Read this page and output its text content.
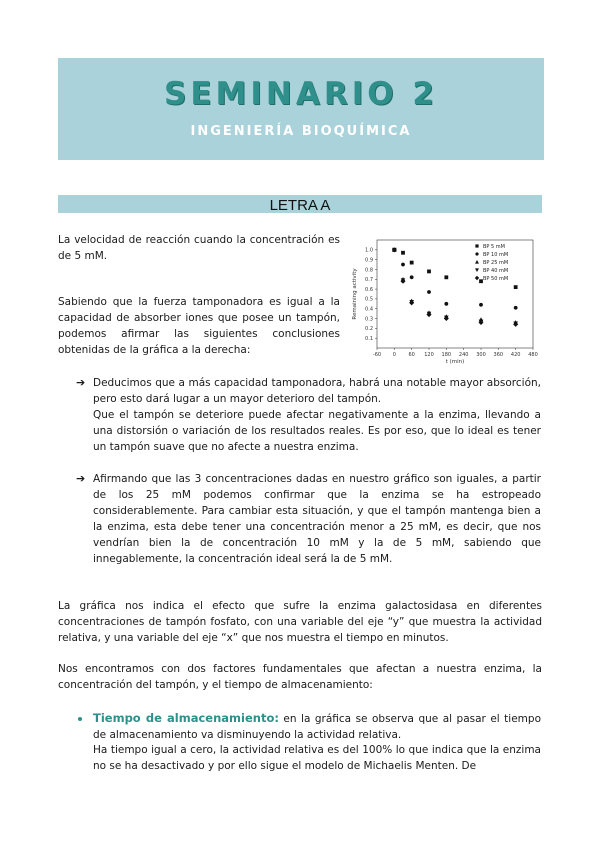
SEMINARIO 2
INGENIERÍA BIOQUÍMICA
LETRA A
La velocidad de reacción cuando la concentración es de 5 mM.
Sabiendo que la fuerza tamponadora es igual a la capacidad de absorber iones que posee un tampón, podemos afirmar las siguientes conclusiones obtenidas de la gráfica a la derecha:	-60 0	60 120 180 240 300 360 420 480
0.1
0.2
0.3
0.4
0.5
0.6
0.7
0.8
0.9
1.0
t (min)
Remaining activity
BP 5 mM
BP 10 mM
BP 25 mM
BP 40 mM
BP 50 mM
➔ Deducimos que a más capacidad tamponadora, habrá una notable mayor absorción, pero esto dará lugar a un mayor deterioro del tampón.
Que el tampón se deteriore puede afectar negativamente a la enzima, llevando a una distorsión o variación de los resultados reales. Es por eso, que lo ideal es tener un tampón suave que no afecte a nuestra enzima.
➔ Afirmando que las 3 concentraciones dadas en nuestro gráfico son iguales, a partir de los 25 mM podemos confirmar que la enzima se ha estropeado considerablemente. Para cambiar esta situación, y que el tampón mantenga bien a la enzima, esta debe tener una concentración menor a 25 mM, es decir, que nos vendrían bien la de concentración 10 mM y la de 5 mM, sabiendo que innegablemente, la concentración ideal será la de 5 mM.
La gráfica nos indica el efecto que sufre la enzima galactosidasa en diferentes concentraciones de tampón fosfato, con una variable del eje “y” que muestra la actividad relativa, y una variable del eje “x” que nos muestra el tiempo en minutos.
Nos encontramos con dos factores fundamentales que afectan a nuestra enzima, la concentración del tampón, y el tiempo de almacenamiento:
Tiempo de almacenamiento: en la gráfica se observa que al pasar el tiempo de almacenamiento va disminuyendo la actividad relativa.
Ha tiempo igual a cero, la actividad relativa es del 100% lo que indica que la enzima no se ha desactivado y por ello sigue el modelo de Michaelis Menten. De
